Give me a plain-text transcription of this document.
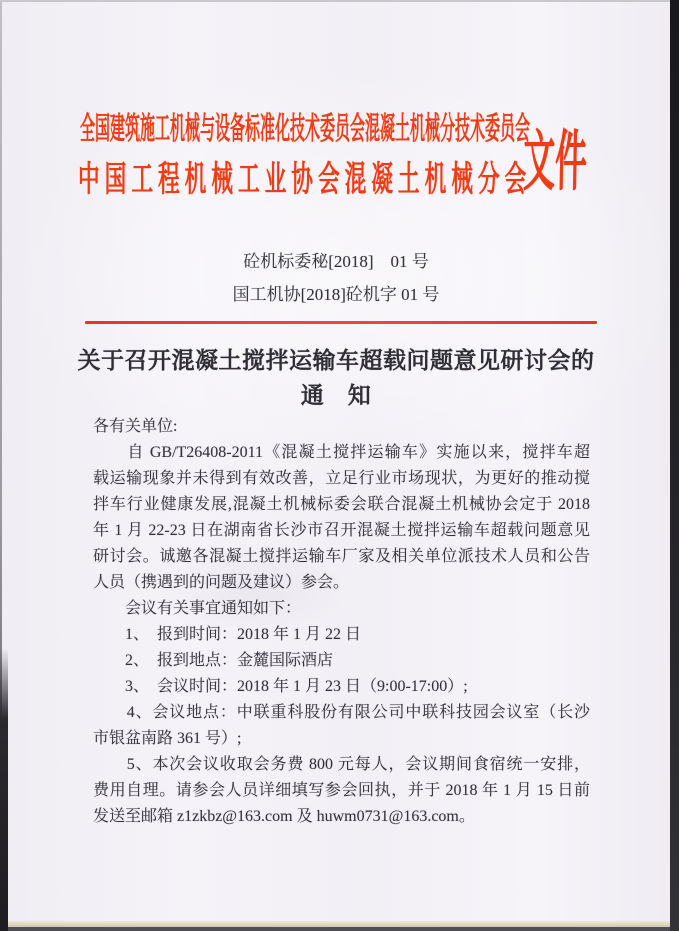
全国建筑施工机械与设备标准化技术委员会混凝土机械分技术委员会
中国工程机械工业协会混凝土机械分会
文件
砼机标委秘[2018]　01 号
国工机协[2018]砼机字 01 号
关于召开混凝土搅拌运输车超载问题意见研讨会的
通　知
各有关单位:
　　自 GB/T26408-2011《混凝土搅拌运输车》实施以来，搅拌车超
载运输现象并未得到有效改善，立足行业市场现状，为更好的推动搅
拌车行业健康发展,混凝土机械标委会联合混凝土机械协会定于 2018
年 1 月 22-23 日在湖南省长沙市召开混凝土搅拌运输车超载问题意见
研讨会。诚邀各混凝土搅拌运输车厂家及相关单位派技术人员和公告
人员（携遇到的问题及建议）参会。
　　会议有关事宜通知如下：
　　1、　报到时间：2018 年 1 月 22 日
　　2、　报到地点：金麓国际酒店
　　3、　会议时间：2018 年 1 月 23 日（9:00-17:00）;
　　4、会议地点：中联重科股份有限公司中联科技园会议室（长沙
市银盆南路 361 号）;
　　5、本次会议收取会务费 800 元每人，会议期间食宿统一安排，
费用自理。请参会人员详细填写参会回执，并于 2018 年 1 月 15 日前
发送至邮箱 z1zkbz@163.com 及 huwm0731@163.com。
